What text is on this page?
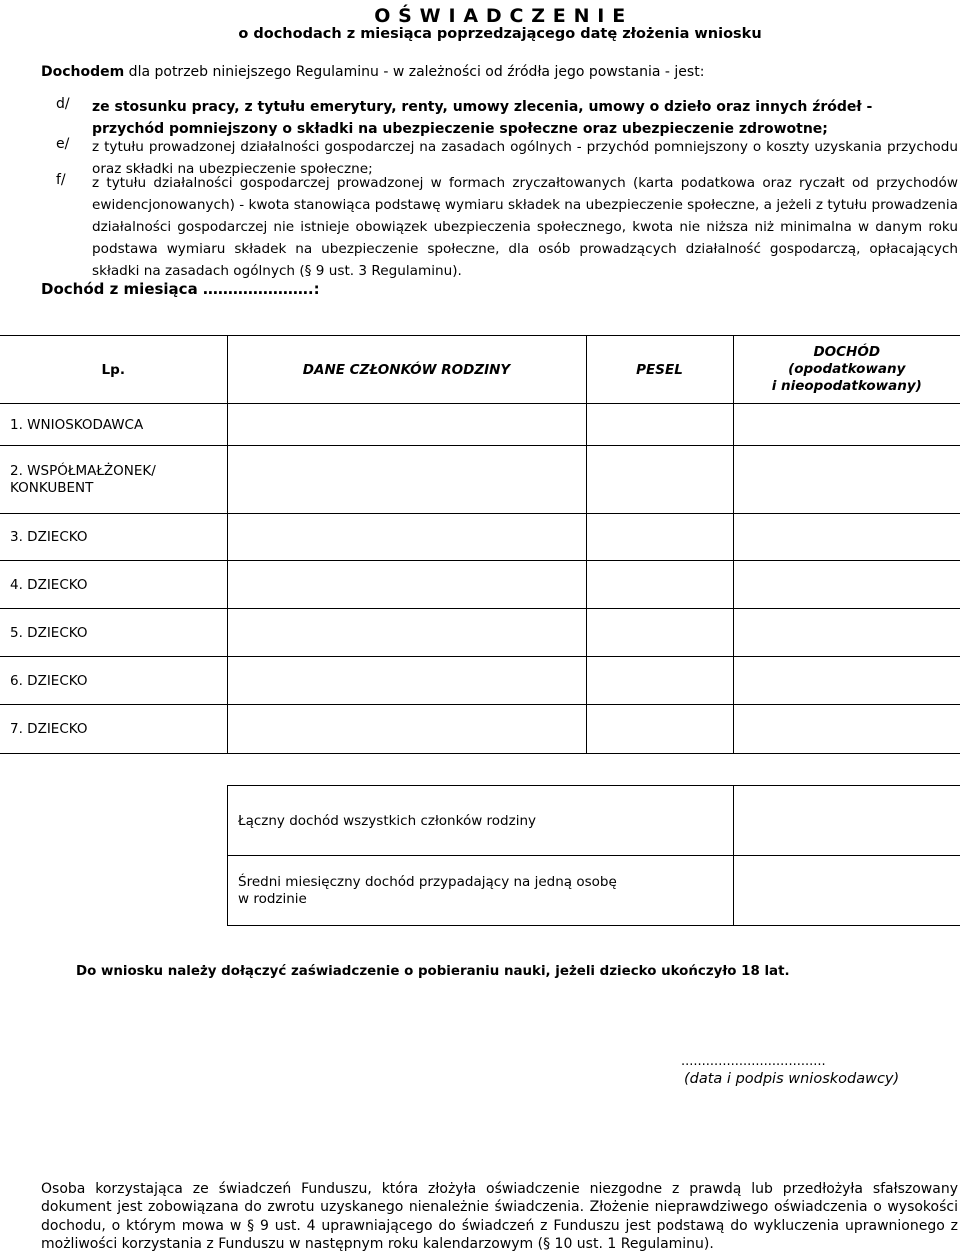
O Ś W I A D C Z E N I E
o dochodach z miesiąca poprzedzającego datę złożenia wniosku
Dochodem dla potrzeb niniejszego Regulaminu - w zależności od źródła jego powstania - jest:
d/ ze stosunku pracy, z tytułu emerytury, renty, umowy zlecenia, umowy o dzieło oraz innych źródeł -
przychód pomniejszony o składki na ubezpieczenie społeczne oraz ubezpieczenie zdrowotne;
e/ z tytułu prowadzonej działalności gospodarczej na zasadach ogólnych - przychód pomniejszony o koszty uzyskania przychodu oraz składki na ubezpieczenie społeczne;
f/ z tytułu działalności gospodarczej prowadzonej w formach zryczałtowanych (karta podatkowa oraz ryczałt od przychodów ewidencjonowanych) - kwota stanowiąca podstawę wymiaru składek na ubezpieczenie społeczne, a jeżeli z tytułu prowadzenia działalności gospodarczej nie istnieje obowiązek ubezpieczenia społecznego, kwota nie niższa niż minimalna w danym roku podstawa wymiaru składek na ubezpieczenie społeczne, dla osób prowadzących działalność gospodarczą, opłacających składki na zasadach ogólnych (§ 9 ust. 3 Regulaminu).
Dochód z miesiąca ………………….:
Lp.	DANE CZŁONKÓW RODZINY	PESEL	DOCHÓD
(opodatkowany
i nieopodatkowany)

1. WNIOSKODAWCA			

2. WSPÓŁMAŁŻONEK/
KONKUBENT			

3. DZIECKO			
4. DZIECKO			
5. DZIECKO			
6. DZIECKO			
7. DZIECKO			
Łączny dochód wszystkich członków rodziny	

Średni miesięczny dochód przypadający na jedną osobę
w rodzinie	

Do wniosku należy dołączyć zaświadczenie o pobieraniu nauki, jeżeli dziecko ukończyło 18 lat.
...................................
(data i podpis wnioskodawcy)
Osoba korzystająca ze świadczeń Funduszu, która złożyła oświadczenie niezgodne z prawdą lub przedłożyła sfałszowany dokument jest zobowiązana do zwrotu uzyskanego nienależnie świadczenia. Złożenie nieprawdziwego oświadczenia o wysokości dochodu, o którym mowa w § 9 ust. 4 uprawniającego do świadczeń z Funduszu jest podstawą do wykluczenia uprawnionego z możliwości korzystania z Funduszu w następnym roku kalendarzowym (§ 10 ust. 1 Regulaminu).
